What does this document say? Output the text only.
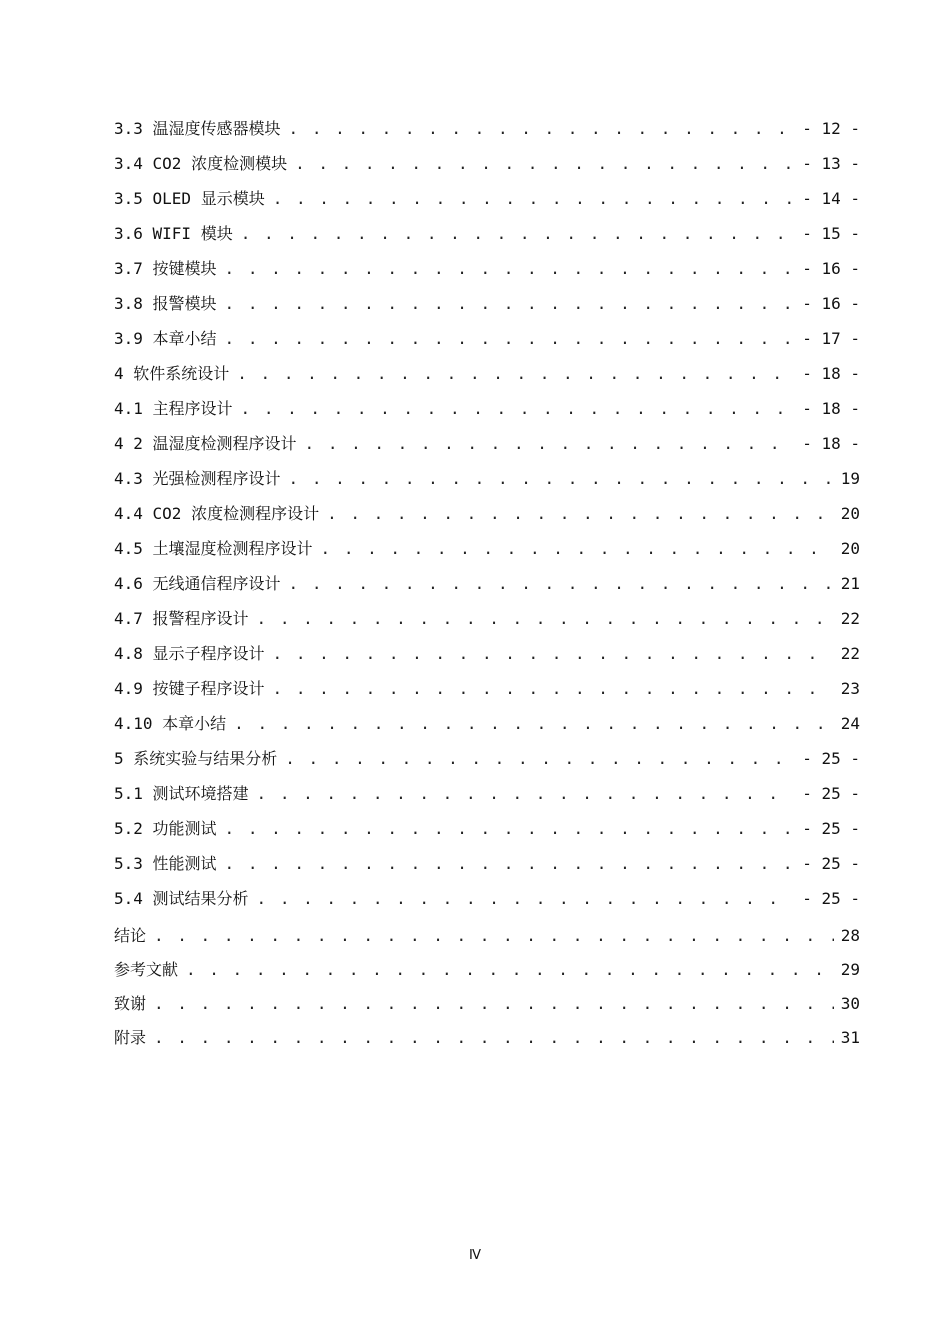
3.3 温湿度传感器模块 . . .	- 12 -
3.4 CO2 浓度检测模块 . . .	- 13 -
3.5 OLED 显示模块 . . .	- 14 -
3.6 WIFI 模块 . . .	- 15 -
3.7 按键模块 . . .	- 16 -
3.8 报警模块 . . .	- 16 -
3.9 本章小结 . . .	- 17 -
4 软件系统设计 . . .	- 18 -
4.1 主程序设计 . . .	- 18 -
4 2 温湿度检测程序设计 . . .	- 18 -
4.3 光强检测程序设计 . . .	19
4.4 CO2 浓度检测程序设计 . . .	20
4.5 土壤湿度检测程序设计 . . .	20
4.6 无线通信程序设计 . . .	21
4.7 报警程序设计 . . .	22
4.8 显示子程序设计 . . .	22
4.9 按键子程序设计 . . .	23
4.10 本章小结 . . .	24
5 系统实验与结果分析 . . .	- 25 -
5.1 测试环境搭建 . . .	- 25 -
5.2 功能测试 . . .	- 25 -
5.3 性能测试 . . .	- 25 -
5.4 测试结果分析 . . .	- 25 -
结论 . . .	28
参考文献 . . .	29
致谢 . . .	30
附录 . . .	31
Ⅳ
